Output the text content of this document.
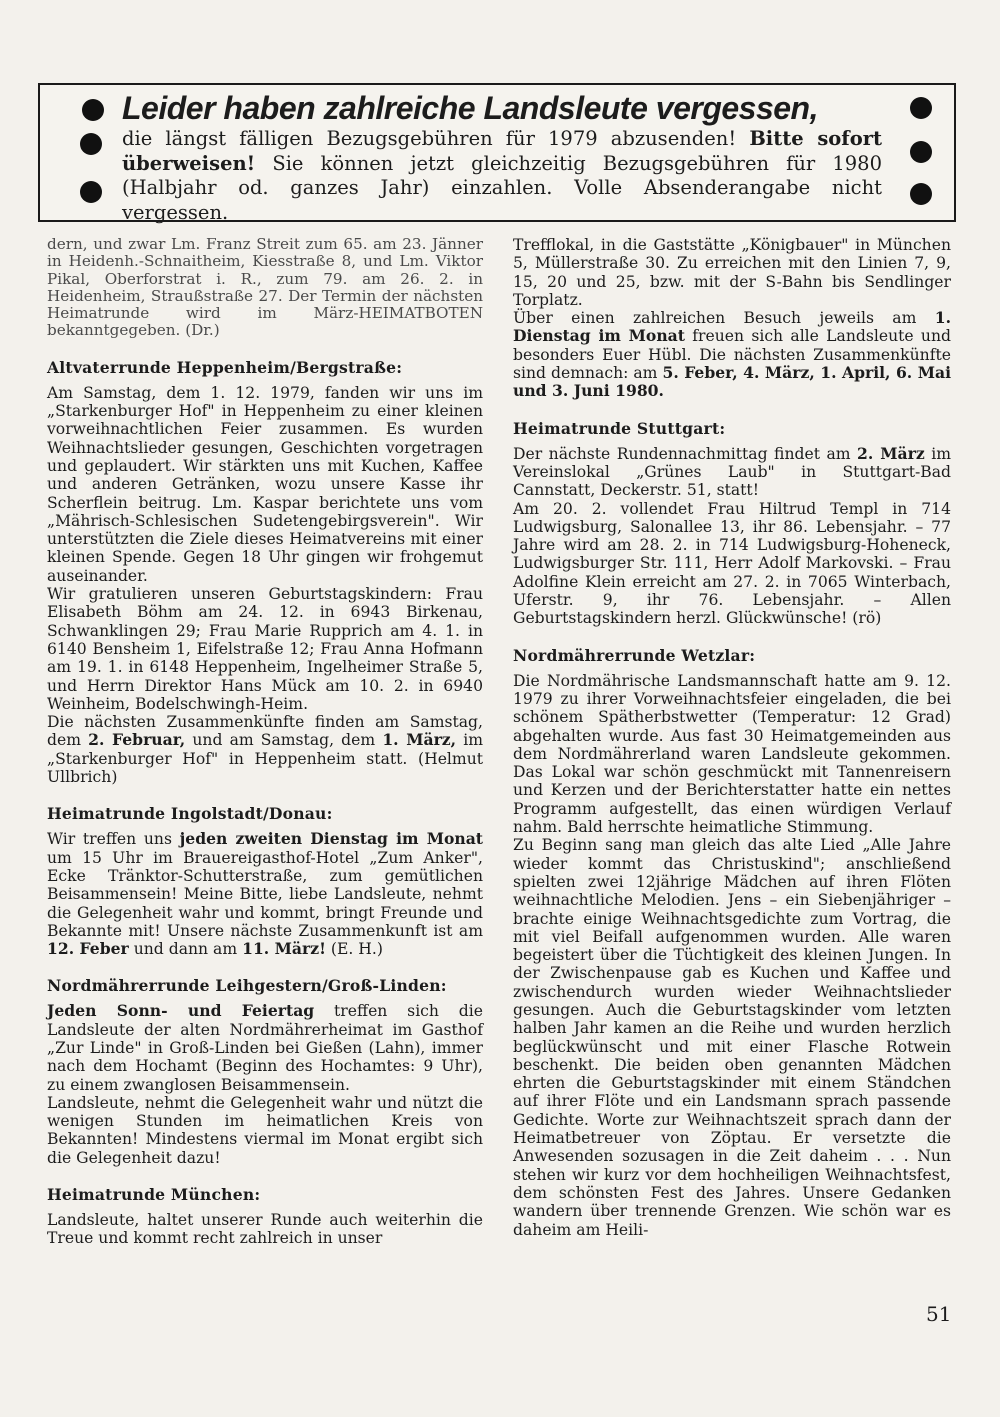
Leider haben zahlreiche Landsleute vergessen,

die längst fälligen Bezugsgebühren für 1979 abzusenden! Bitte sofort überweisen! Sie können jetzt gleichzeitig Bezugsgebühren für 1980 (Halbjahr od. ganzes Jahr) einzahlen. Volle Absenderangabe nicht vergessen.

dern, und zwar Lm. Franz Streit zum 65. am 23. Jänner in Heidenh.-Schnaitheim, Kiesstraße 8, und Lm. Viktor Pikal, Oberforstrat i. R., zum 79. am 26. 2. in Heidenheim, Straußstraße 27. Der Termin der nächsten Heimatrunde wird im März-HEIMATBOTEN bekanntgegeben. (Dr.)

Altvaterrunde Heppenheim/Bergstraße:

Am Samstag, dem 1. 12. 1979, fanden wir uns im „Starkenburger Hof" in Heppenheim zu einer kleinen vorweihnachtlichen Feier zusammen. Es wurden Weihnachtslieder gesungen, Geschichten vorgetragen und geplaudert. Wir stärkten uns mit Kuchen, Kaffee und anderen Getränken, wozu unsere Kasse ihr Scherflein beitrug. Lm. Kaspar berichtete uns vom „Mährisch-Schlesischen Sudetengebirgsverein". Wir unterstützten die Ziele dieses Heimatvereins mit einer kleinen Spende. Gegen 18 Uhr gingen wir frohgemut auseinander.

Wir gratulieren unseren Geburtstagskindern: Frau Elisabeth Böhm am 24. 12. in 6943 Birkenau, Schwanklingen 29; Frau Marie Rupprich am 4. 1. in 6140 Bensheim 1, Eifelstraße 12; Frau Anna Hofmann am 19. 1. in 6148 Heppenheim, Ingelheimer Straße 5, und Herrn Direktor Hans Mück am 10. 2. in 6940 Weinheim, Bodelschwingh-Heim.

Die nächsten Zusammenkünfte finden am Samstag, dem 2. Februar, und am Samstag, dem 1. März, im „Starkenburger Hof" in Heppenheim statt. (Helmut Ullbrich)

Heimatrunde Ingolstadt/Donau:

Wir treffen uns jeden zweiten Dienstag im Monat um 15 Uhr im Brauereigasthof-Hotel „Zum Anker", Ecke Tränktor-Schutterstraße, zum gemütlichen Beisammensein! Meine Bitte, liebe Landsleute, nehmt die Gelegenheit wahr und kommt, bringt Freunde und Bekannte mit! Unsere nächste Zusammenkunft ist am 12. Feber und dann am 11. März! (E. H.)

Nordmährerrunde Leihgestern/Groß-Linden:

Jeden Sonn- und Feiertag treffen sich die Landsleute der alten Nordmährerheimat im Gasthof „Zur Linde" in Groß-Linden bei Gießen (Lahn), immer nach dem Hochamt (Beginn des Hochamtes: 9 Uhr), zu einem zwanglosen Beisammensein.

Landsleute, nehmt die Gelegenheit wahr und nützt die wenigen Stunden im heimatlichen Kreis von Bekannten! Mindestens viermal im Monat ergibt sich die Gelegenheit dazu!

Heimatrunde München:

Landsleute, haltet unserer Runde auch weiterhin die Treue und kommt recht zahlreich in unser

Trefflokal, in die Gaststätte „Königbauer" in München 5, Müllerstraße 30. Zu erreichen mit den Linien 7, 9, 15, 20 und 25, bzw. mit der S-Bahn bis Sendlinger Torplatz.

Über einen zahlreichen Besuch jeweils am 1. Dienstag im Monat freuen sich alle Landsleute und besonders Euer Hübl. Die nächsten Zusammenkünfte sind demnach: am 5. Feber, 4. März, 1. April, 6. Mai und 3. Juni 1980.

Heimatrunde Stuttgart:

Der nächste Rundennachmittag findet am 2. März im Vereinslokal „Grünes Laub" in Stuttgart-Bad Cannstatt, Deckerstr. 51, statt!

Am 20. 2. vollendet Frau Hiltrud Templ in 714 Ludwigsburg, Salonallee 13, ihr 86. Lebensjahr. – 77 Jahre wird am 28. 2. in 714 Ludwigsburg-Hoheneck, Ludwigsburger Str. 111, Herr Adolf Markovski. – Frau Adolfine Klein erreicht am 27. 2. in 7065 Winterbach, Uferstr. 9, ihr 76. Lebensjahr. – Allen Geburtstagskindern herzl. Glückwünsche! (rö)

Nordmährerrunde Wetzlar:

Die Nordmährische Landsmannschaft hatte am 9. 12. 1979 zu ihrer Vorweihnachtsfeier eingeladen, die bei schönem Spätherbstwetter (Temperatur: 12 Grad) abgehalten wurde. Aus fast 30 Heimatgemeinden aus dem Nordmährerland waren Landsleute gekommen. Das Lokal war schön geschmückt mit Tannenreisern und Kerzen und der Berichterstatter hatte ein nettes Programm aufgestellt, das einen würdigen Verlauf nahm. Bald herrschte heimatliche Stimmung.

Zu Beginn sang man gleich das alte Lied „Alle Jahre wieder kommt das Christuskind"; anschließend spielten zwei 12jährige Mädchen auf ihren Flöten weihnachtliche Melodien. Jens – ein Siebenjähriger – brachte einige Weihnachtsgedichte zum Vortrag, die mit viel Beifall aufgenommen wurden. Alle waren begeistert über die Tüchtigkeit des kleinen Jungen. In der Zwischenpause gab es Kuchen und Kaffee und zwischendurch wurden wieder Weihnachtslieder gesungen. Auch die Geburtstagskinder vom letzten halben Jahr kamen an die Reihe und wurden herzlich beglückwünscht und mit einer Flasche Rotwein beschenkt. Die beiden oben genannten Mädchen ehrten die Geburtstagskinder mit einem Ständchen auf ihrer Flöte und ein Landsmann sprach passende Gedichte. Worte zur Weihnachtszeit sprach dann der Heimatbetreuer von Zöptau. Er versetzte die Anwesenden sozusagen in die Zeit daheim . . . Nun stehen wir kurz vor dem hochheiligen Weihnachtsfest, dem schönsten Fest des Jahres. Unsere Gedanken wandern über trennende Grenzen. Wie schön war es daheim am Heili-

51
